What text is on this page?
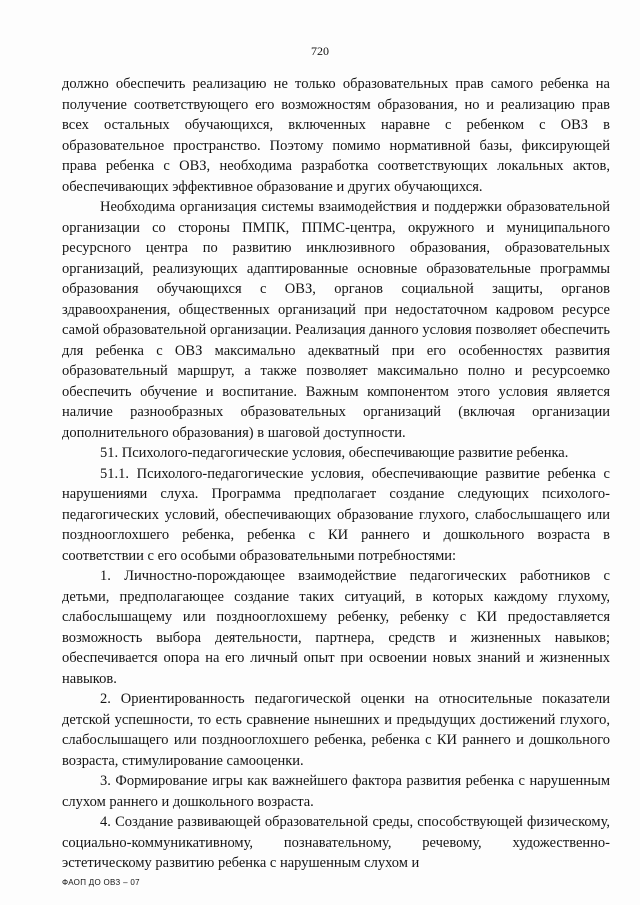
720

должно обеспечить реализацию не только образовательных прав самого ребенка на получение соответствующего его возможностям образования, но и реализацию прав всех остальных обучающихся, включенных наравне с ребенком с ОВЗ в образовательное пространство. Поэтому помимо нормативной базы, фиксирующей права ребенка с ОВЗ, необходима разработка соответствующих локальных актов, обеспечивающих эффективное образование и других обучающихся.

Необходима организация системы взаимодействия и поддержки образовательной организации со стороны ПМПК, ППМС-центра, окружного и муниципального ресурсного центра по развитию инклюзивного образования, образовательных организаций, реализующих адаптированные основные образовательные программы образования обучающихся с ОВЗ, органов социальной защиты, органов здравоохранения, общественных организаций при недостаточном кадровом ресурсе самой образовательной организации. Реализация данного условия позволяет обеспечить для ребенка с ОВЗ максимально адекватный при его особенностях развития образовательный маршрут, а также позволяет максимально полно и ресурсоемко обеспечить обучение и воспитание. Важным компонентом этого условия является наличие разнообразных образовательных организаций (включая организации дополнительного образования) в шаговой доступности.

51. Психолого-педагогические условия, обеспечивающие развитие ребенка.

51.1. Психолого-педагогические условия, обеспечивающие развитие ребенка с нарушениями слуха. Программа предполагает создание следующих психолого-педагогических условий, обеспечивающих образование глухого, слабослышащего или позднооглохшего ребенка, ребенка с КИ раннего и дошкольного возраста в соответствии с его особыми образовательными потребностями:

1. Личностно-порождающее взаимодействие педагогических работников с детьми, предполагающее создание таких ситуаций, в которых каждому глухому, слабослышащему или позднооглохшему ребенку, ребенку с КИ предоставляется возможность выбора деятельности, партнера, средств и жизненных навыков; обеспечивается опора на его личный опыт при освоении новых знаний и жизненных навыков.

2. Ориентированность педагогической оценки на относительные показатели детской успешности, то есть сравнение нынешних и предыдущих достижений глухого, слабослышащего или позднооглохшего ребенка, ребенка с КИ раннего и дошкольного возраста, стимулирование самооценки.

3. Формирование игры как важнейшего фактора развития ребенка с нарушенным слухом раннего и дошкольного возраста.

4. Создание развивающей образовательной среды, способствующей физическому, социально-коммуникативному, познавательному, речевому, художественно-эстетическому развитию ребенка с нарушенным слухом и

ФАОП ДО ОВЗ – 07
